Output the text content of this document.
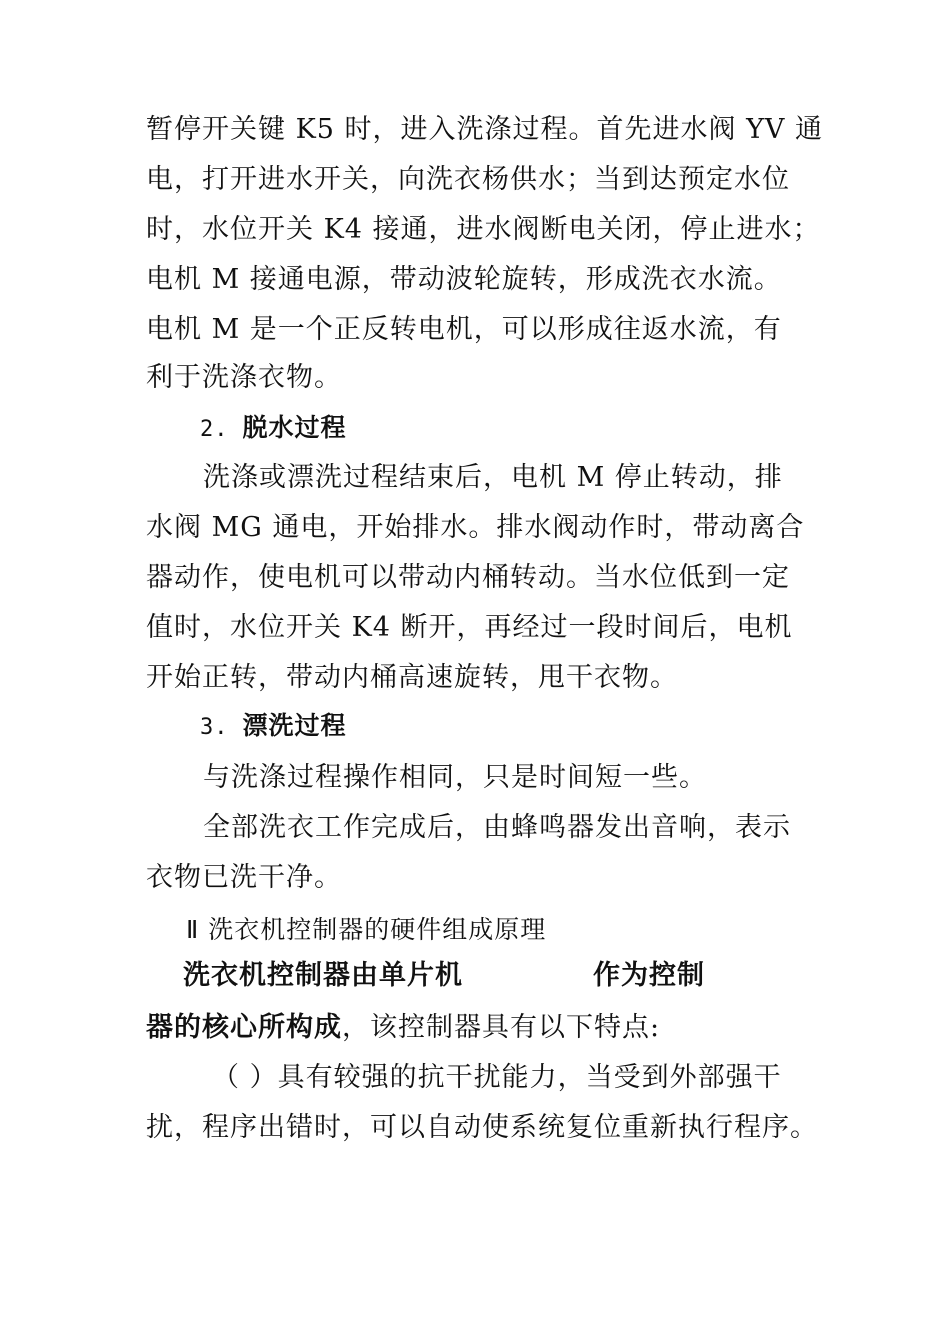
暂停开关键 K5 时，进入洗涤过程。首先进水阀 YV 通
电，打开进水开关，向洗衣杨供水；当到达预定水位
时，水位开关 K4 接通，进水阀断电关闭，停止进水；
电机 M 接通电源，带动波轮旋转，形成洗衣水流。
电机 M 是一个正反转电机，可以形成往返水流，有
利于洗涤衣物。
2. 脱水过程
洗涤或漂洗过程结束后，电机 M 停止转动，排
水阀 MG 通电，开始排水。排水阀动作时，带动离合
器动作，使电机可以带动内桶转动。当水位低到一定
值时，水位开关 K4 断开，再经过一段时间后，电机
开始正转，带动内桶高速旋转，甩干衣物。
3. 漂洗过程
与洗涤过程操作相同，只是时间短一些。
全部洗衣工作完成后，由蜂鸣器发出音响，表示
衣物已洗干净。
Ⅱ 洗衣机控制器的硬件组成原理
洗衣机控制器由单片机	作为控制
器的核心所构成，该控制器具有以下特点:
（ ）具有较强的抗干扰能力，当受到外部强干
扰，程序出错时，可以自动使系统复位重新执行程序。
